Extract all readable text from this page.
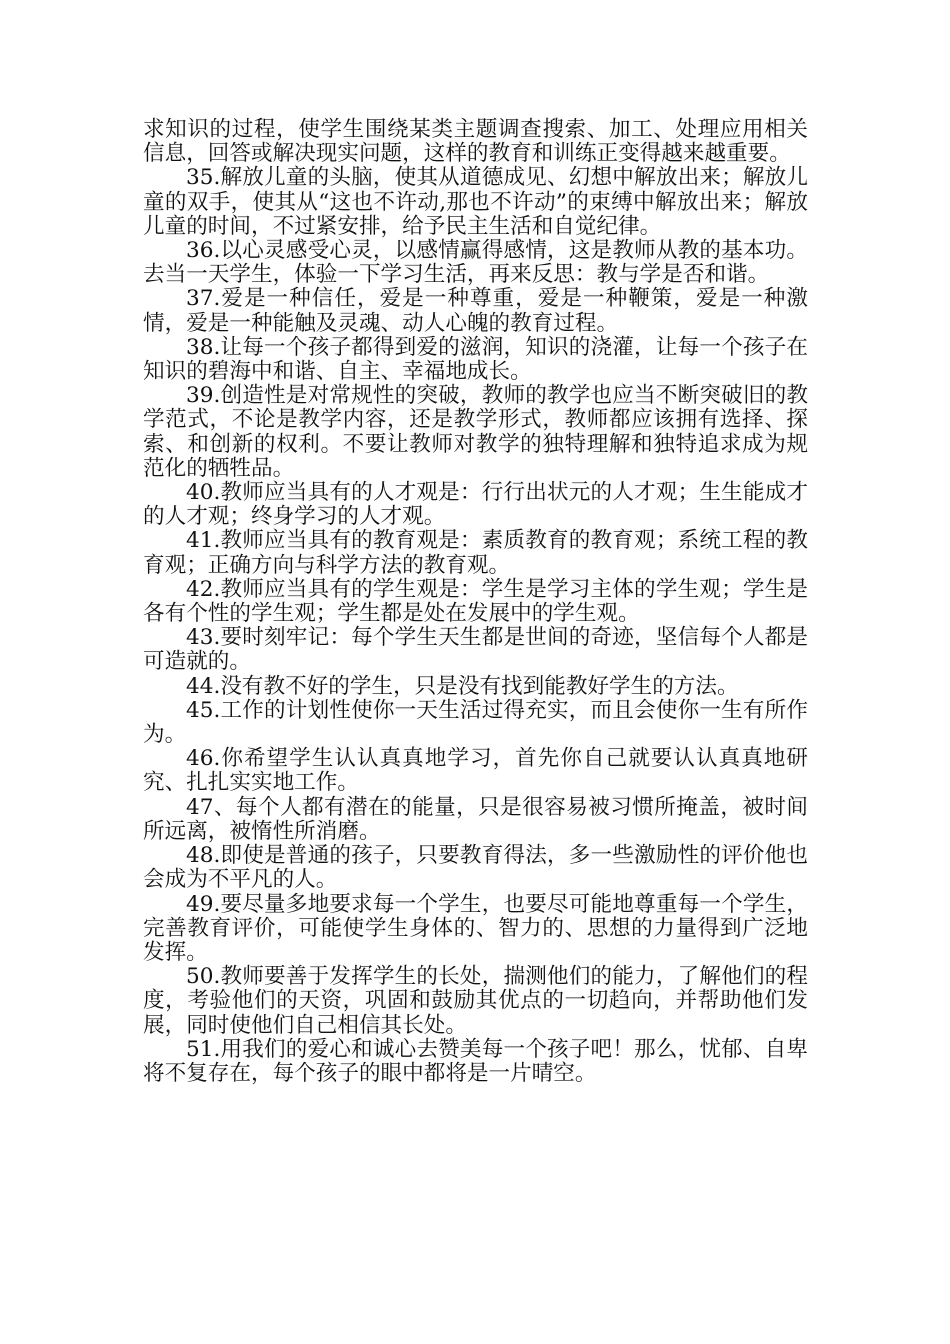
求知识的过程，使学生围绕某类主题调查搜索、加工、处理应用相关信息，回答或解决现实问题，这样的教育和训练正变得越来越重要。

35.解放儿童的头脑，使其从道德成见、幻想中解放出来；解放儿童的双手，使其从“这也不许动,那也不许动”的束缚中解放出来；解放儿童的时间，不过紧安排，给予民主生活和自觉纪律。

36.以心灵感受心灵，以感情赢得感情，这是教师从教的基本功。去当一天学生，体验一下学习生活，再来反思：教与学是否和谐。

37.爱是一种信任，爱是一种尊重，爱是一种鞭策，爱是一种激情，爱是一种能触及灵魂、动人心魄的教育过程。

38.让每一个孩子都得到爱的滋润，知识的浇灌，让每一个孩子在知识的碧海中和谐、自主、幸福地成长。

39.创造性是对常规性的突破，教师的教学也应当不断突破旧的教学范式，不论是教学内容，还是教学形式，教师都应该拥有选择、探索、和创新的权利。不要让教师对教学的独特理解和独特追求成为规范化的牺牲品。

40.教师应当具有的人才观是：行行出状元的人才观；生生能成才的人才观；终身学习的人才观。

41.教师应当具有的教育观是：素质教育的教育观；系统工程的教育观；正确方向与科学方法的教育观。

42.教师应当具有的学生观是：学生是学习主体的学生观；学生是各有个性的学生观；学生都是处在发展中的学生观。

43.要时刻牢记：每个学生天生都是世间的奇迹，坚信每个人都是可造就的。

44.没有教不好的学生，只是没有找到能教好学生的方法。

45.工作的计划性使你一天生活过得充实，而且会使你一生有所作为。

46.你希望学生认认真真地学习，首先你自己就要认认真真地研究、扎扎实实地工作。

47、每个人都有潜在的能量，只是很容易被习惯所掩盖，被时间所远离，被惰性所消磨。

48.即使是普通的孩子，只要教育得法，多一些激励性的评价他也会成为不平凡的人。

49.要尽量多地要求每一个学生，也要尽可能地尊重每一个学生，完善教育评价，可能使学生身体的、智力的、思想的力量得到广泛地发挥。

50.教师要善于发挥学生的长处，揣测他们的能力，了解他们的程度，考验他们的天资，巩固和鼓励其优点的一切趋向，并帮助他们发展，同时使他们自己相信其长处。

51.用我们的爱心和诚心去赞美每一个孩子吧！那么，忧郁、自卑将不复存在，每个孩子的眼中都将是一片晴空。
